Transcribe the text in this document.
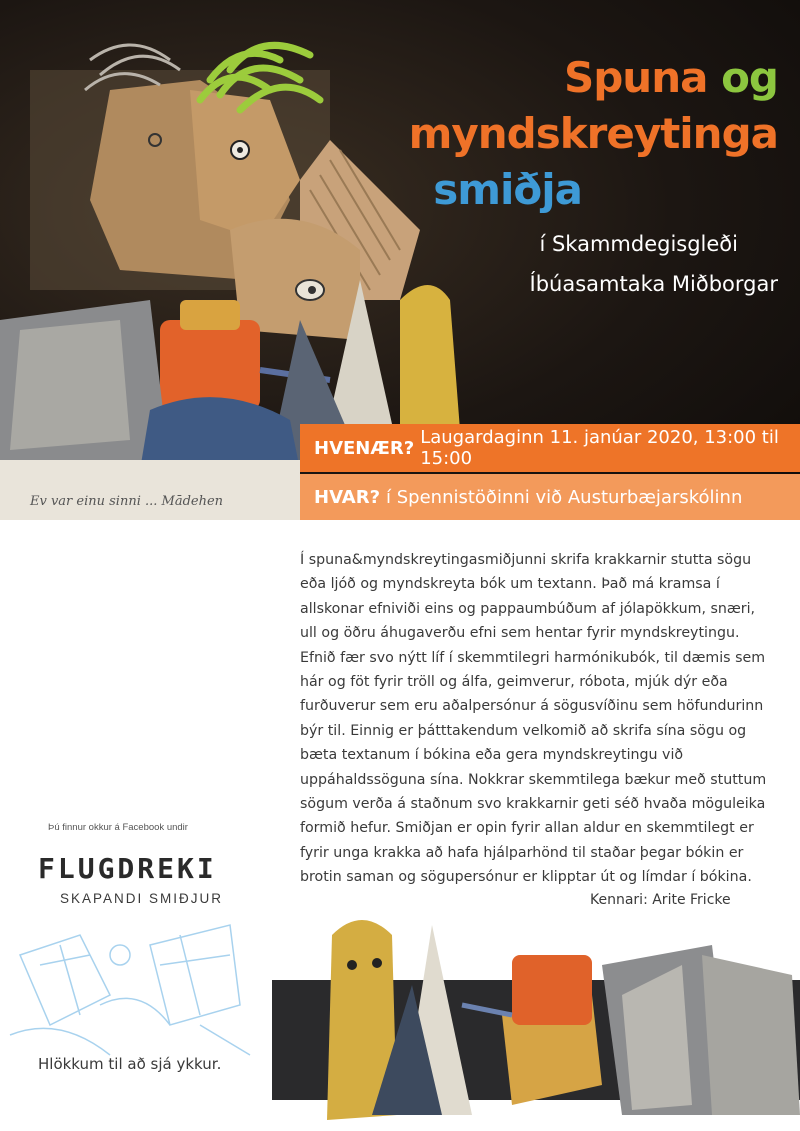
Ev var einu sinni ... Mādehen
Spuna og
myndskreytinga
smiðja
í Skammdegisgleði
Íbúasamtaka Miðborgar
HVENÆR? Laugardaginn 11. janúar 2020, 13:00 til 15:00
HVAR? í Spennistöðinni við Austurbæjarskólinn

Í spuna&myndskreytingasmiðjunni skrifa krakkarnir stutta sögu eða ljóð og myndskreyta bók um textann. Það má kramsa í allskonar efniviði eins og pappaumbúðum af jólapökkum, snæri, ull og öðru áhugaverðu efni sem hentar fyrir myndskreytingu. Efnið fær svo nýtt líf í skemmtilegri harmónikubók, til dæmis sem hár og föt fyrir tröll og álfa, geimverur, róbota, mjúk dýr eða furðuverur sem eru aðalpersónur á sögusvíðinu sem höfundurinn býr til. Einnig er þátttakendum velkomið að skrifa sína sögu og bæta textanum í bókina eða gera myndskreytingu við uppáhaldssöguna sína. Nokkrar skemmtilega bækur með stuttum sögum verða á staðnum svo krakkarnir geti séð hvaða möguleika formið hefur. Smiðjan er opin fyrir allan aldur en skemmtilegt er fyrir unga krakka að hafa hjálparhönd til staðar þegar bókin er brotin saman og sögupersónur er klipptar út og límdar í bókina.

Kennari: Arite Fricke
Þú finnur okkur á Facebook undir
FLUGDREKI
SKAPANDI SMIÐJUR
Hlökkum til að sjá ykkur.
